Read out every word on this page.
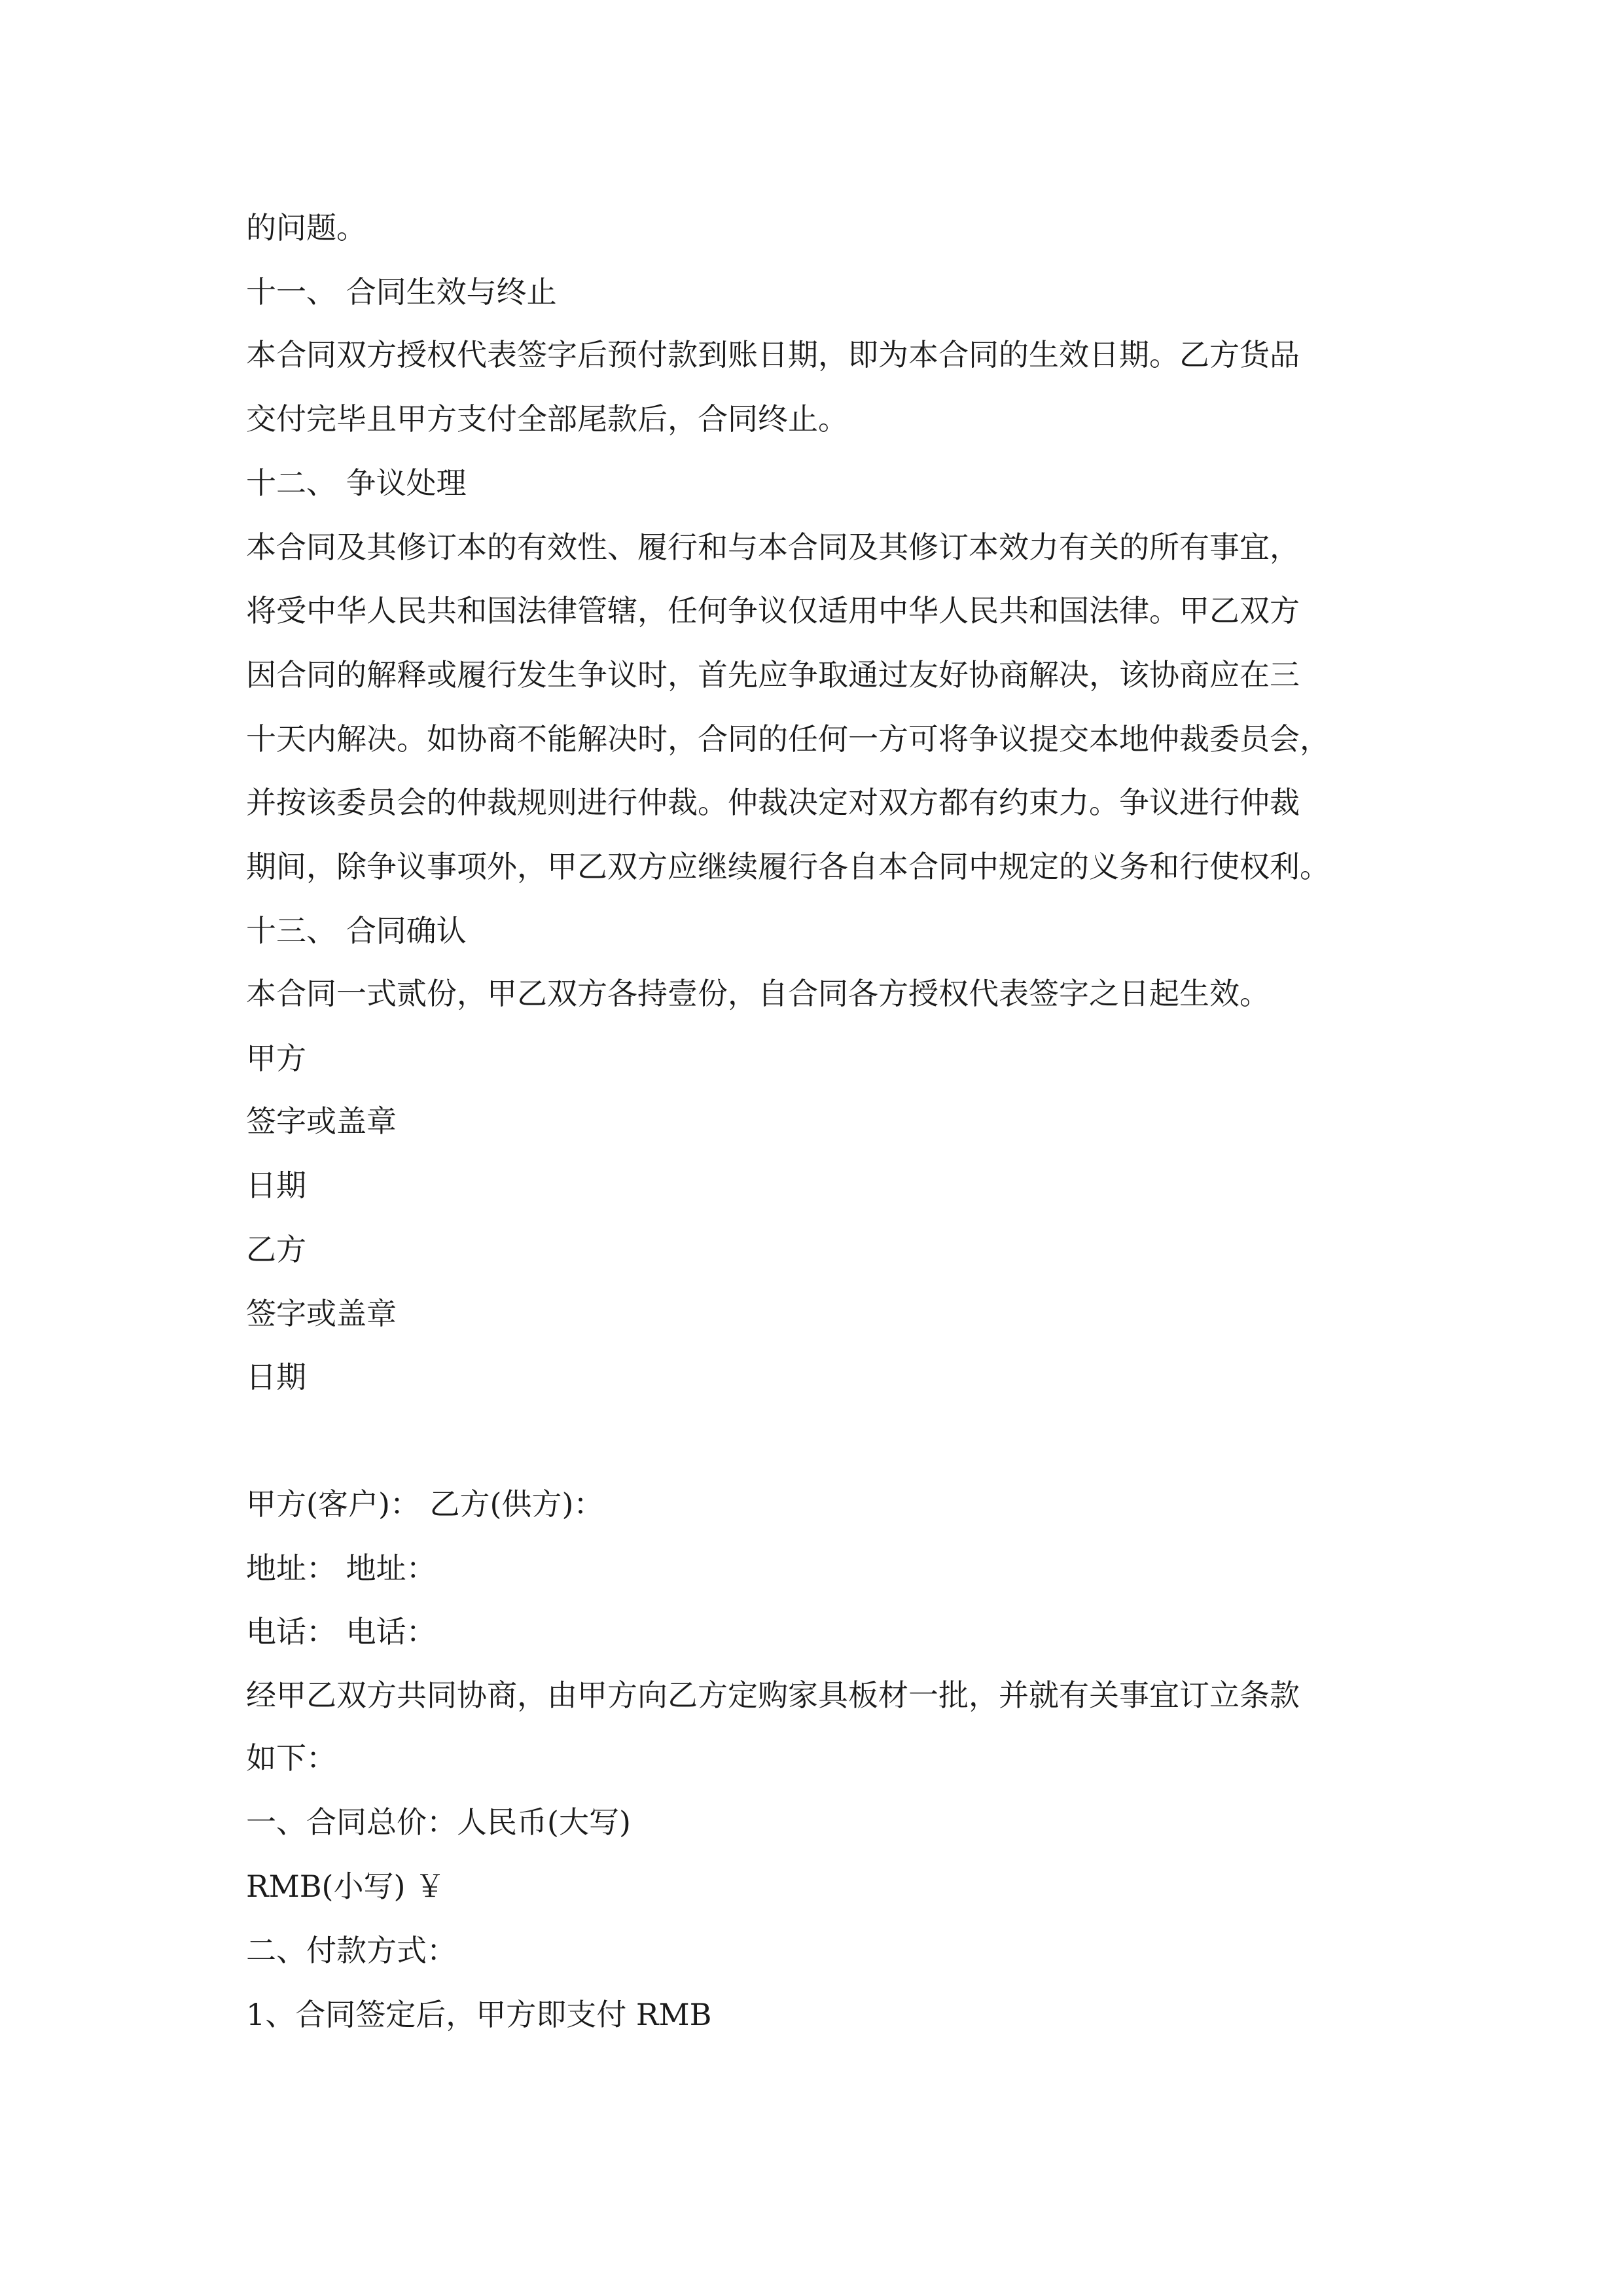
的问题。
十一、 合同生效与终止
本合同双方授权代表签字后预付款到账日期，即为本合同的生效日期。乙方货品
交付完毕且甲方支付全部尾款后，合同终止。
十二、 争议处理
本合同及其修订本的有效性、履行和与本合同及其修订本效力有关的所有事宜，
将受中华人民共和国法律管辖，任何争议仅适用中华人民共和国法律。甲乙双方
因合同的解释或履行发生争议时，首先应争取通过友好协商解决，该协商应在三
十天内解决。如协商不能解决时，合同的任何一方可将争议提交本地仲裁委员会，
并按该委员会的仲裁规则进行仲裁。仲裁决定对双方都有约束力。争议进行仲裁
期间，除争议事项外，甲乙双方应继续履行各自本合同中规定的义务和行使权利。
十三、 合同确认
本合同一式贰份，甲乙双方各持壹份，自合同各方授权代表签字之日起生效。
甲方
签字或盖章
日期
乙方
签字或盖章
日期
甲方(客户)： 乙方(供方)：
地址： 地址：
电话： 电话：
经甲乙双方共同协商，由甲方向乙方定购家具板材一批，并就有关事宜订立条款
如下：
一、合同总价：人民币(大写)
RMB(小写) ￥
二、付款方式：
1、合同签定后，甲方即支付 RMB
